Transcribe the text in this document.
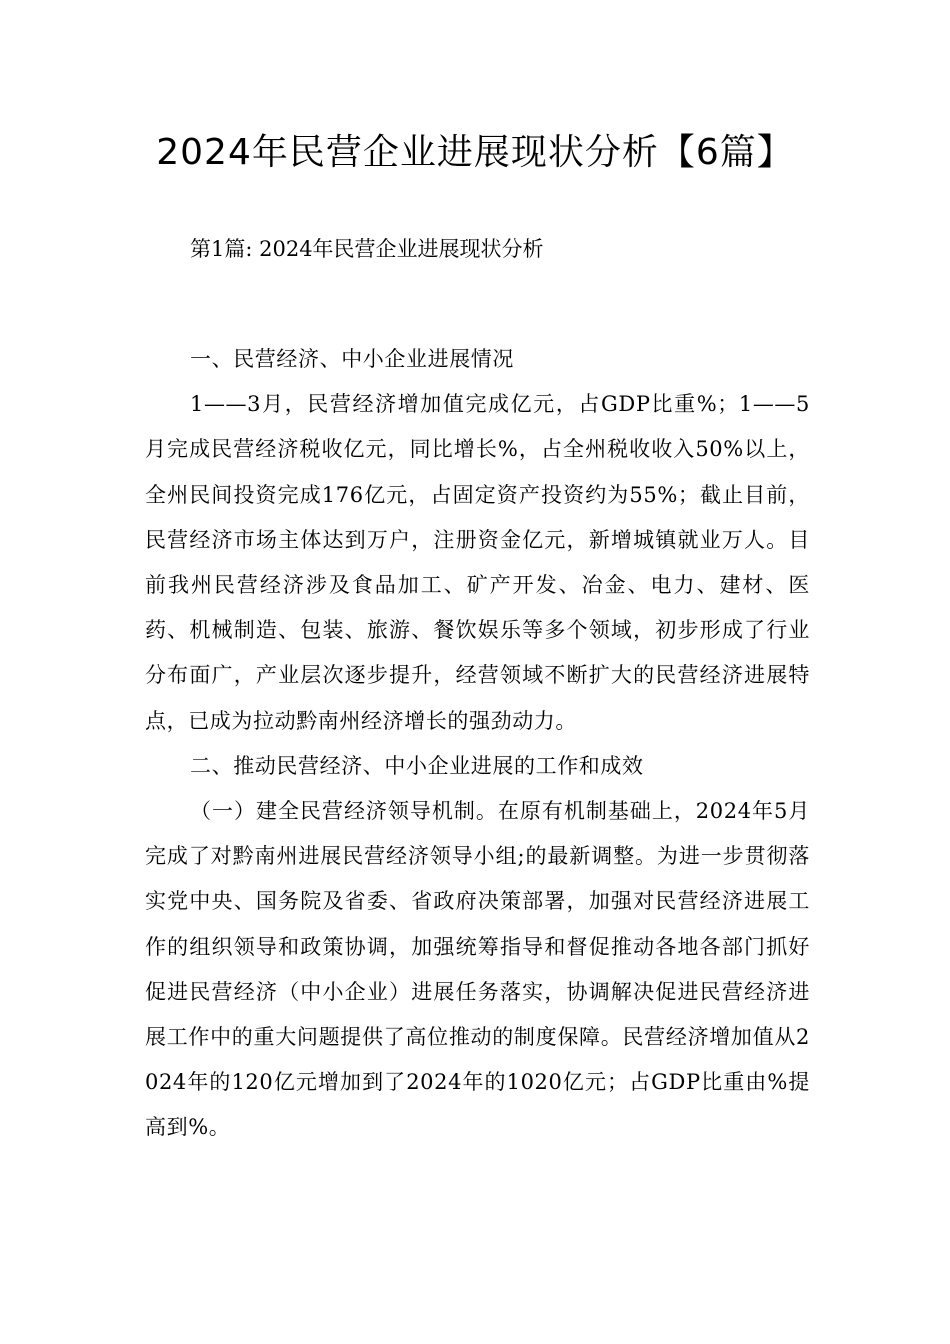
2024年民营企业进展现状分析【6篇】

第1篇: 2024年民营企业进展现状分析

一、民营经济、中小企业进展情况

1——3月，民营经济增加值完成亿元，占GDP比重%；1——5月完成民营经济税收亿元，同比增长%，占全州税收收入50%以上，全州民间投资完成176亿元，占固定资产投资约为55%；截止目前，民营经济市场主体达到万户，注册资金亿元，新增城镇就业万人。目前我州民营经济涉及食品加工、矿产开发、冶金、电力、建材、医药、机械制造、包装、旅游、餐饮娱乐等多个领域，初步形成了行业分布面广，产业层次逐步提升，经营领域不断扩大的民营经济进展特点，已成为拉动黔南州经济增长的强劲动力。

二、推动民营经济、中小企业进展的工作和成效

（一）建全民营经济领导机制。在原有机制基础上，2024年5月完成了对黔南州进展民营经济领导小组;的最新调整。为进一步贯彻落实党中央、国务院及省委、省政府决策部署，加强对民营经济进展工作的组织领导和政策协调，加强统筹指导和督促推动各地各部门抓好促进民营经济（中小企业）进展任务落实，协调解决促进民营经济进展工作中的重大问题提供了高位推动的制度保障。民营经济增加值从2024年的120亿元增加到了2024年的1020亿元；占GDP比重由%提高到%。
